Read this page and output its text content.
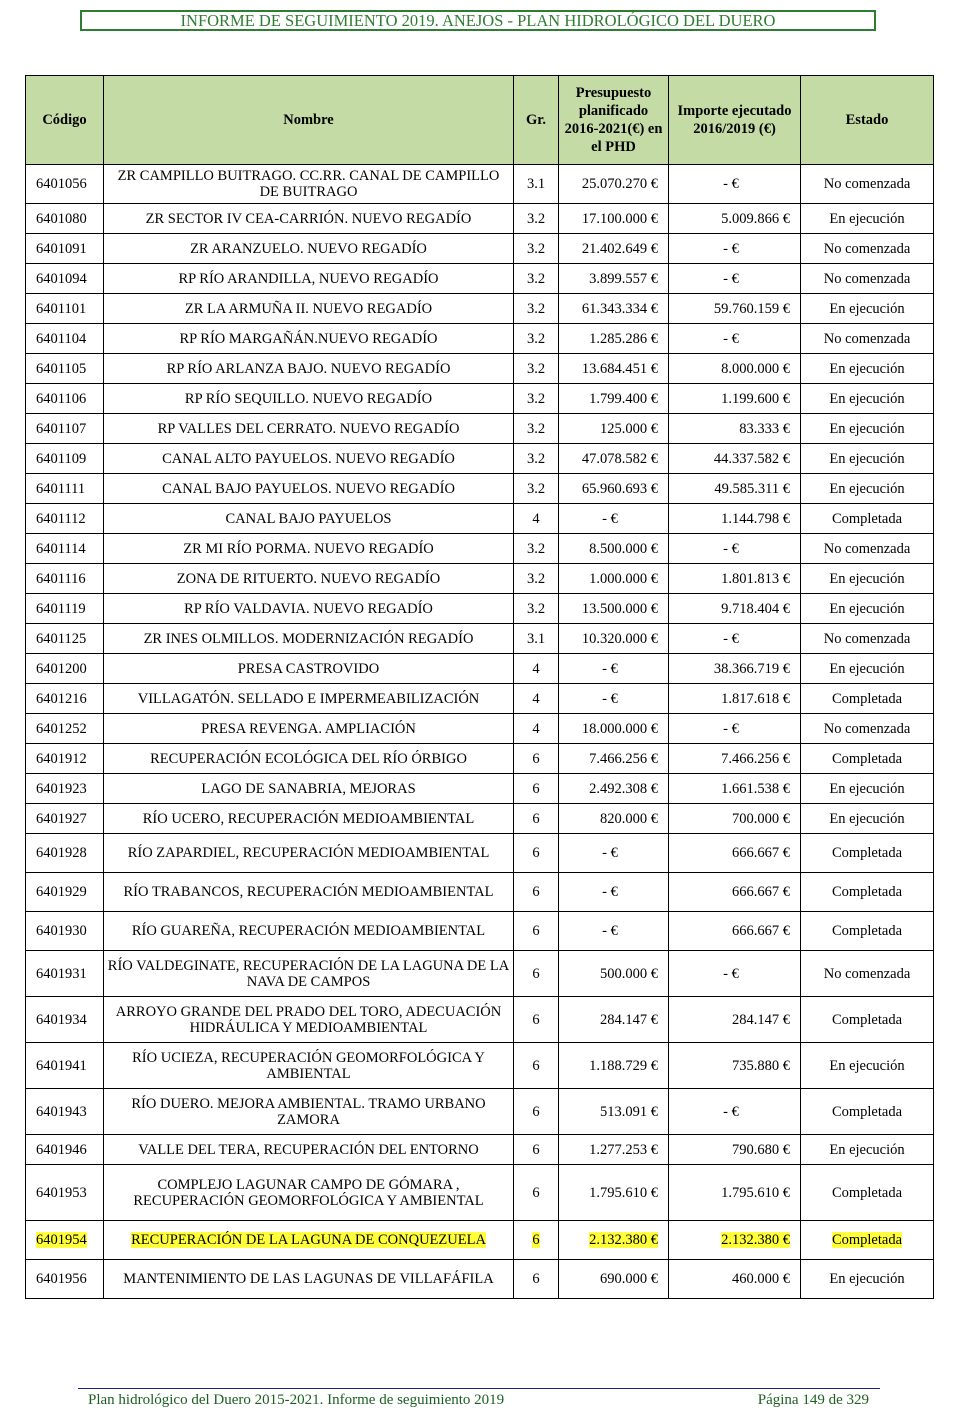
INFORME DE SEGUIMIENTO 2019. ANEJOS - PLAN HIDROLÓGICO DEL DUERO
Código	Nombre	Gr.	Presupuesto planificado 2016-2021(€) en el PHD	Importe ejecutado 2016/2019 (€)	Estado
6401056	ZR CAMPILLO BUITRAGO. CC.RR. CANAL DE CAMPILLO DE BUITRAGO	3.1	25.070.270 €	- €	No comenzada
6401080	ZR SECTOR IV CEA-CARRIÓN. NUEVO REGADÍO	3.2	17.100.000 €	5.009.866 €	En ejecución
6401091	ZR ARANZUELO. NUEVO REGADÍO	3.2	21.402.649 €	- €	No comenzada
6401094	RP RÍO ARANDILLA, NUEVO REGADÍO	3.2	3.899.557 €	- €	No comenzada
6401101	ZR LA ARMUÑA II. NUEVO REGADÍO	3.2	61.343.334 €	59.760.159 €	En ejecución
6401104	RP RÍO MARGAÑÁN.NUEVO REGADÍO	3.2	1.285.286 €	- €	No comenzada
6401105	RP RÍO ARLANZA BAJO. NUEVO REGADÍO	3.2	13.684.451 €	8.000.000 €	En ejecución
6401106	RP RÍO SEQUILLO. NUEVO REGADÍO	3.2	1.799.400 €	1.199.600 €	En ejecución
6401107	RP VALLES DEL CERRATO. NUEVO REGADÍO	3.2	125.000 €	83.333 €	En ejecución
6401109	CANAL ALTO PAYUELOS. NUEVO REGADÍO	3.2	47.078.582 €	44.337.582 €	En ejecución
6401111	CANAL BAJO PAYUELOS. NUEVO REGADÍO	3.2	65.960.693 €	49.585.311 €	En ejecución
6401112	CANAL BAJO PAYUELOS	4	- €	1.144.798 €	Completada
6401114	ZR MI RÍO PORMA. NUEVO REGADÍO	3.2	8.500.000 €	- €	No comenzada
6401116	ZONA DE RITUERTO. NUEVO REGADÍO	3.2	1.000.000 €	1.801.813 €	En ejecución
6401119	RP RÍO VALDAVIA. NUEVO REGADÍO	3.2	13.500.000 €	9.718.404 €	En ejecución
6401125	ZR INES OLMILLOS. MODERNIZACIÓN REGADÍO	3.1	10.320.000 €	- €	No comenzada
6401200	PRESA CASTROVIDO	4	- €	38.366.719 €	En ejecución
6401216	VILLAGATÓN. SELLADO E IMPERMEABILIZACIÓN	4	- €	1.817.618 €	Completada
6401252	PRESA REVENGA. AMPLIACIÓN	4	18.000.000 €	- €	No comenzada
6401912	RECUPERACIÓN ECOLÓGICA DEL RÍO ÓRBIGO	6	7.466.256 €	7.466.256 €	Completada
6401923	LAGO DE SANABRIA, MEJORAS	6	2.492.308 €	1.661.538 €	En ejecución
6401927	RÍO UCERO, RECUPERACIÓN MEDIOAMBIENTAL	6	820.000 €	700.000 €	En ejecución
6401928	RÍO ZAPARDIEL, RECUPERACIÓN MEDIOAMBIENTAL	6	- €	666.667 €	Completada
6401929	RÍO TRABANCOS, RECUPERACIÓN MEDIOAMBIENTAL	6	- €	666.667 €	Completada
6401930	RÍO GUAREÑA, RECUPERACIÓN MEDIOAMBIENTAL	6	- €	666.667 €	Completada
6401931	RÍO VALDEGINATE, RECUPERACIÓN DE LA LAGUNA DE LA NAVA DE CAMPOS	6	500.000 €	- €	No comenzada
6401934	ARROYO GRANDE DEL PRADO DEL TORO, ADECUACIÓN HIDRÁULICA Y MEDIOAMBIENTAL	6	284.147 €	284.147 €	Completada
6401941	RÍO UCIEZA, RECUPERACIÓN GEOMORFOLÓGICA Y AMBIENTAL	6	1.188.729 €	735.880 €	En ejecución
6401943	RÍO DUERO. MEJORA AMBIENTAL. TRAMO URBANO ZAMORA	6	513.091 €	- €	Completada
6401946	VALLE DEL TERA, RECUPERACIÓN DEL ENTORNO	6	1.277.253 €	790.680 €	En ejecución
6401953	COMPLEJO LAGUNAR CAMPO DE GÓMARA , RECUPERACIÓN GEOMORFOLÓGICA Y AMBIENTAL	6	1.795.610 €	1.795.610 €	Completada
6401954	RECUPERACIÓN DE LA LAGUNA DE CONQUEZUELA	6	2.132.380 €	2.132.380 €	Completada
6401956	MANTENIMIENTO DE LAS LAGUNAS DE VILLAFÁFILA	6	690.000 €	460.000 €	En ejecución
Plan hidrológico del Duero 2015-2021. Informe de seguimiento 2019	Página 149 de 329
